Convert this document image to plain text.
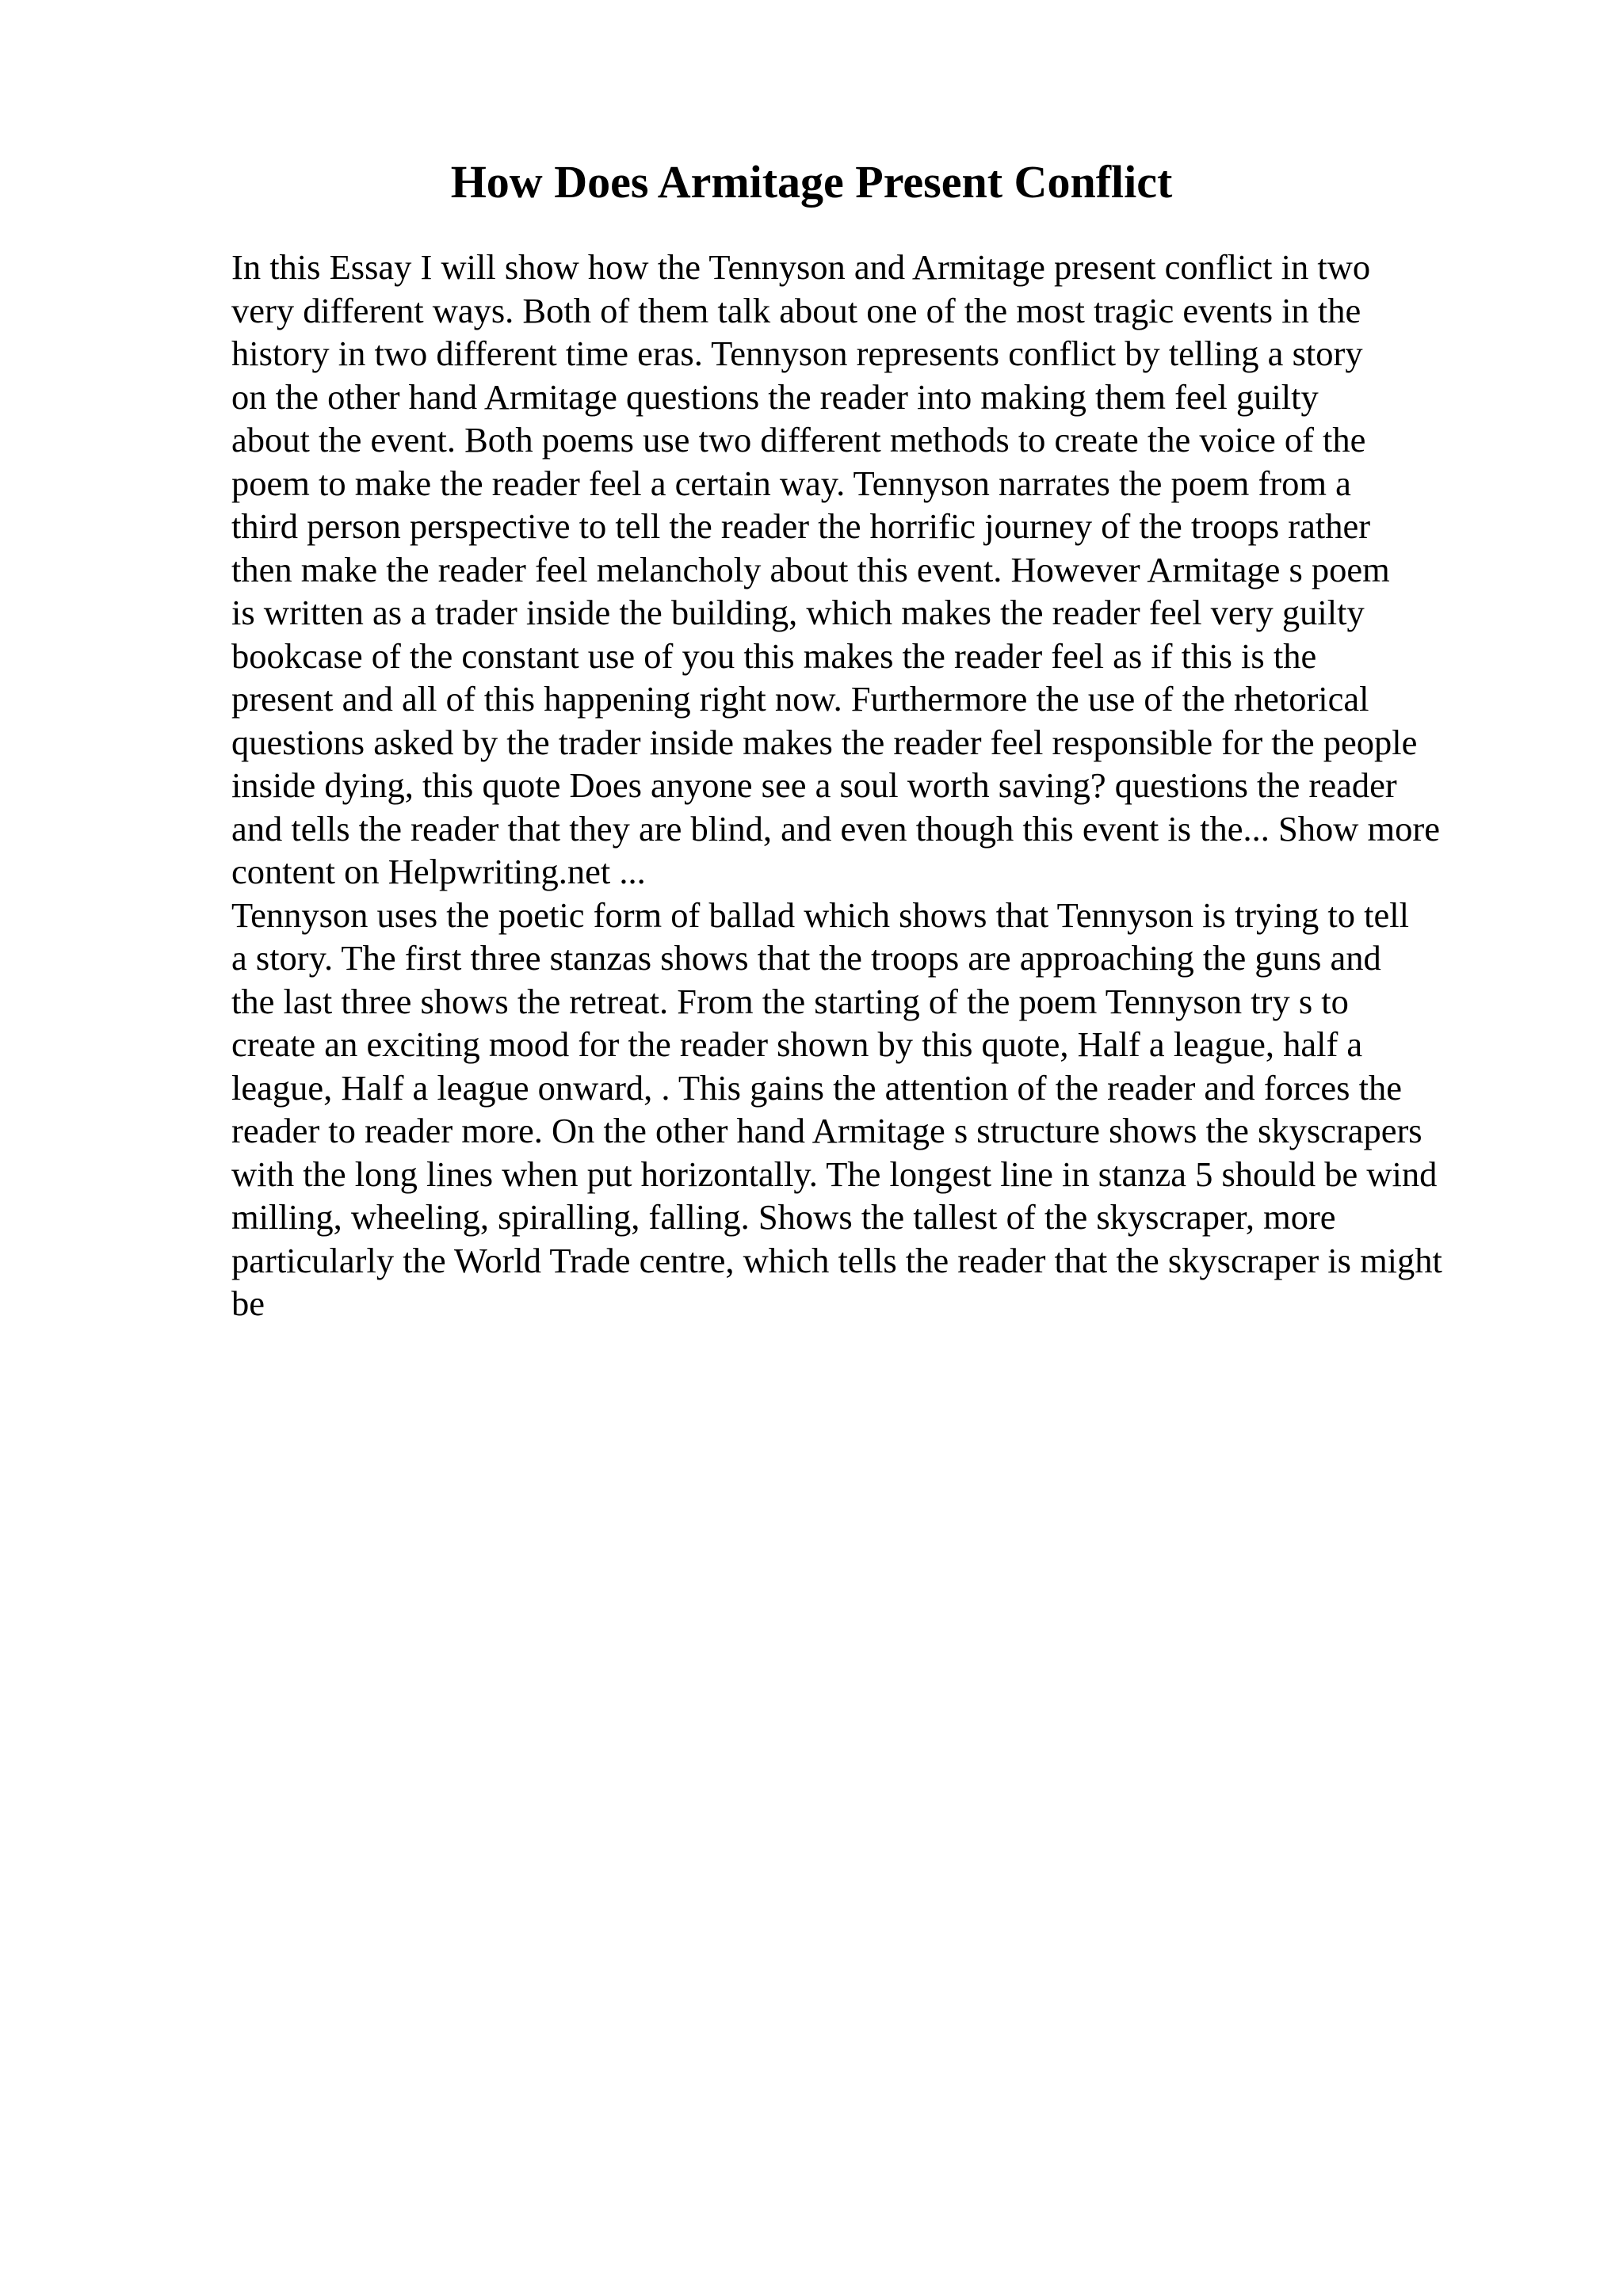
How Does Armitage Present Conflict
In this Essay I will show how the Tennyson and Armitage present conflict in two
very different ways. Both of them talk about one of the most tragic events in the
history in two different time eras. Tennyson represents conflict by telling a story
on the other hand Armitage questions the reader into making them feel guilty
about the event. Both poems use two different methods to create the voice of the
poem to make the reader feel a certain way. Tennyson narrates the poem from a
third person perspective to tell the reader the horrific journey of the troops rather
then make the reader feel melancholy about this event. However Armitage s poem
is written as a trader inside the building, which makes the reader feel very guilty
bookcase of the constant use of you this makes the reader feel as if this is the
present and all of this happening right now. Furthermore the use of the rhetorical
questions asked by the trader inside makes the reader feel responsible for the people
inside dying, this quote Does anyone see a soul worth saving? questions the reader
and tells the reader that they are blind, and even though this event is the... Show more
content on Helpwriting.net ...
Tennyson uses the poetic form of ballad which shows that Tennyson is trying to tell
a story. The first three stanzas shows that the troops are approaching the guns and
the last three shows the retreat. From the starting of the poem Tennyson try s to
create an exciting mood for the reader shown by this quote, Half a league, half a
league, Half a league onward, . This gains the attention of the reader and forces the
reader to reader more. On the other hand Armitage s structure shows the skyscrapers
with the long lines when put horizontally. The longest line in stanza 5 should be wind
milling, wheeling, spiralling, falling. Shows the tallest of the skyscraper, more
particularly the World Trade centre, which tells the reader that the skyscraper is might
be
